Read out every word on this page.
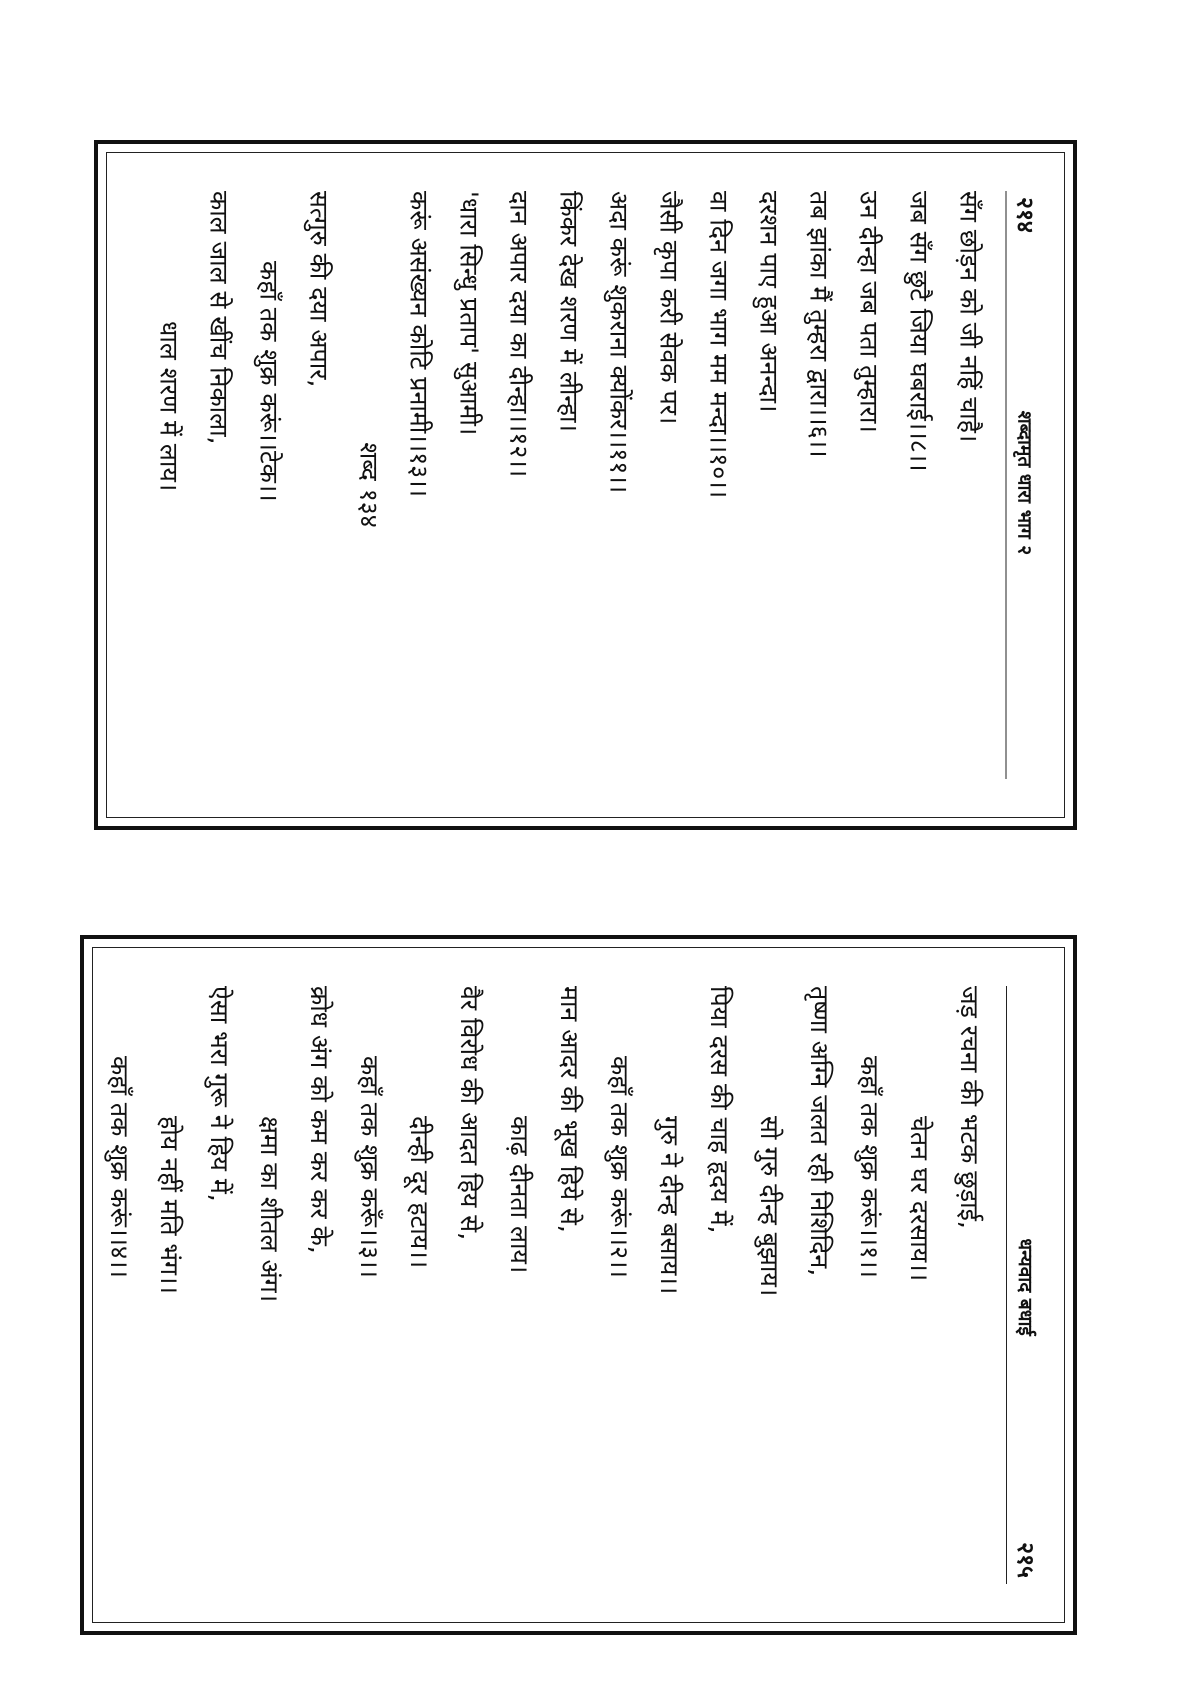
२१४
शब्दामृत धारा भाग २
सँग छोड़न को जी नहिं चाहै।
जब सँग छुटै जिया घबराई।।८।।
उन दीन्हा जब पता तुम्हारा।
तब झांका मैं तुम्हरा द्वारा।।६।।
दरशन पाए हुआ अनन्दा।
वा दिन जगा भाग मम मन्दा।।१०।।
जैसी कृपा करी सेवक पर।
अदा करूं शुकराना क्योंकर।।११।।
किंकर देख शरण में लीन्हा।
दान अपार दया का दीन्हा।।१२।।
'धारा सिन्धु प्रताप' सुआमी।
करूं असंख्यन कोटि प्रनामी।।१३।।
शब्द १३४
सत्गुरु की दया अपार,
कहाँ तक शुक्र करूं।।टेक।।
काल जाल से खींच निकाला,
धाल शरण में लाय।
धन्यवाद बधाई
२१५
जड़ रचना की भटक छुड़ाई,
चेतन घर दरसाय।।
कहाँ तक शुक्र करूं।।१।।
तृष्णा अग्नि जलत रही निशिदिन,
सो गुरु दीन्ह बुझाय।
पिया दरस की चाह हृदय में,
गुरु ने दीन्ह बसाय।।
कहाँ तक शुक्र करूं।।२।।
मान आदर की भूख हिये से,
काढ़ दीनता लाय।
वैर विरोध की आदत हिय से,
दीन्ही दूर हटाय।।
कहाँ तक शुक्र करूँ।।३।।
क्रोध अंग को कम कर कर के,
क्षमा का शीतल अंग।
ऐसा भरा गुरू ने हिय में,
होय नहीं मति भंग।।
कहाँ तक शुक्र करूं।।४।।
